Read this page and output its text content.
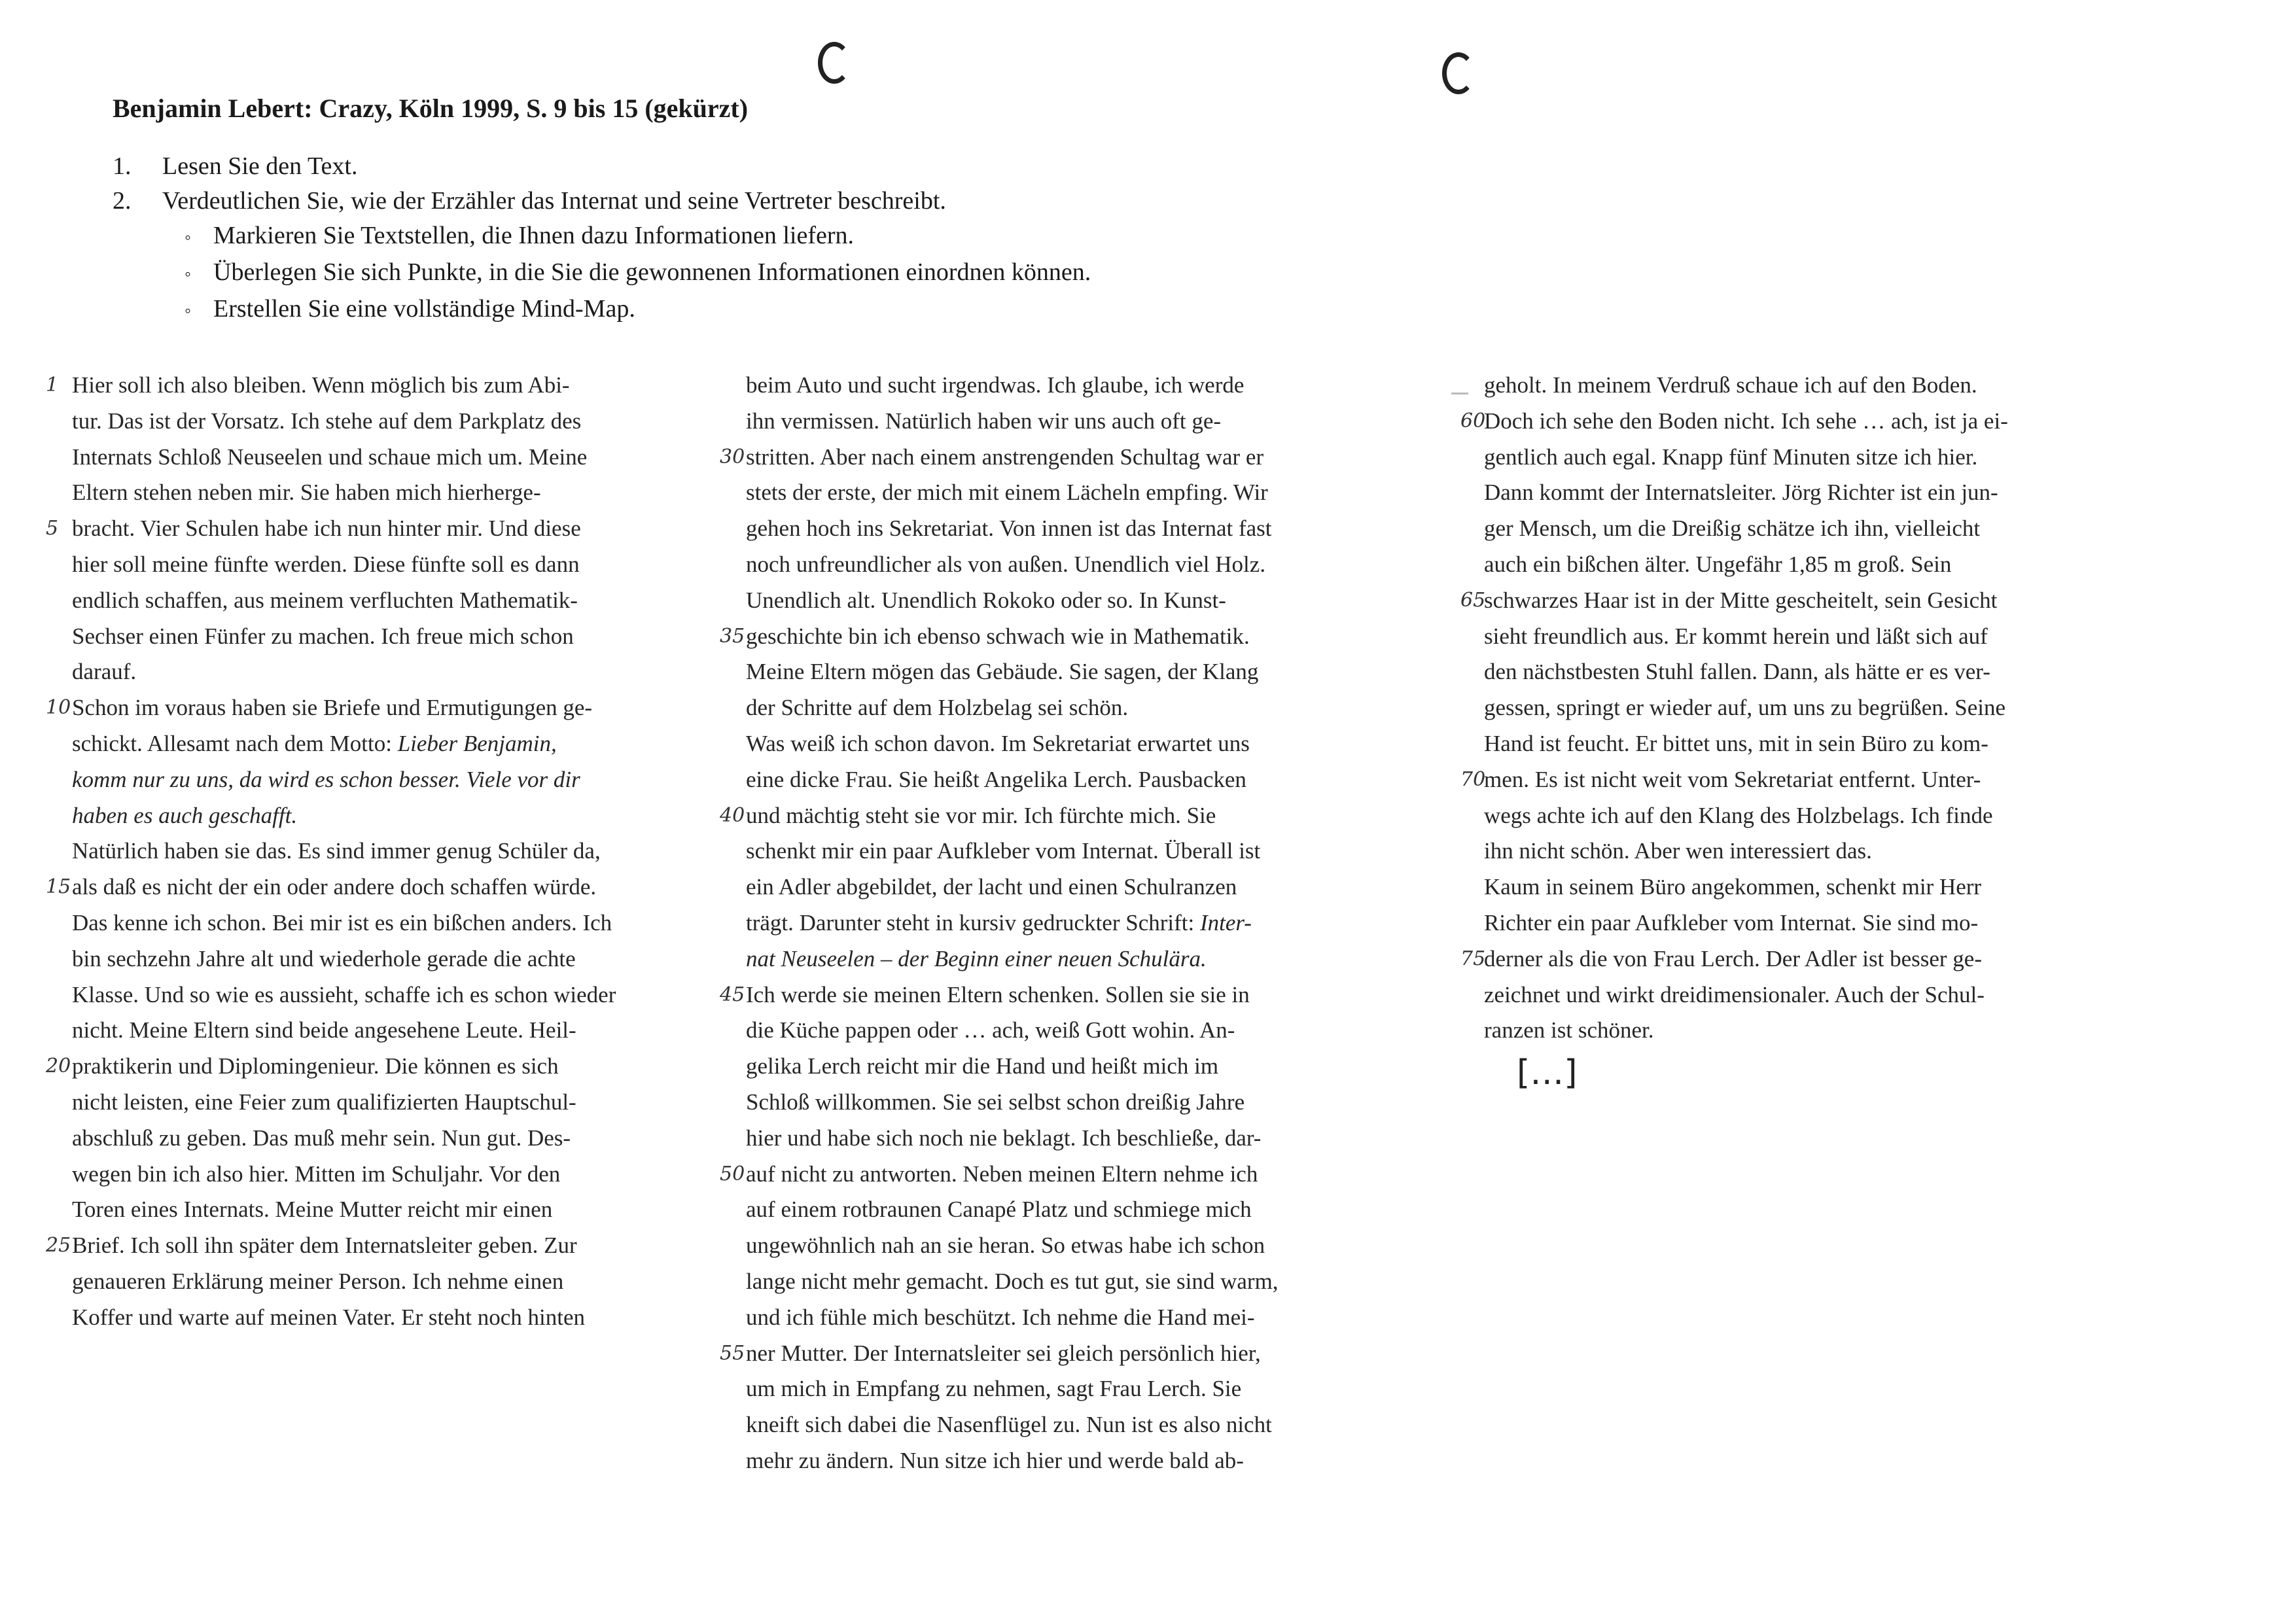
Benjamin Lebert: Crazy, Köln 1999, S. 9 bis 15 (gekürzt)
1. Lesen Sie den Text.
2. Verdeutlichen Sie, wie der Erzähler das Internat und seine Vertreter beschreibt.
◦ Markieren Sie Textstellen, die Ihnen dazu Informationen liefern.
◦ Überlegen Sie sich Punkte, in die Sie die gewonnenen Informationen einordnen können.
◦ Erstellen Sie eine vollständige Mind-Map.

1 Hier soll ich also bleiben. Wenn möglich bis zum Abi-

tur. Das ist der Vorsatz. Ich stehe auf dem Parkplatz des

Internats Schloß Neuseelen und schaue mich um. Meine

Eltern stehen neben mir. Sie haben mich hierherge-

5 bracht. Vier Schulen habe ich nun hinter mir. Und diese

hier soll meine fünfte werden. Diese fünfte soll es dann

endlich schaffen, aus meinem verfluchten Mathematik-

Sechser einen Fünfer zu machen. Ich freue mich schon

darauf.

10 Schon im voraus haben sie Briefe und Ermutigungen ge-

schickt. Allesamt nach dem Motto: Lieber Benjamin,

komm nur zu uns, da wird es schon besser. Viele vor dir

haben es auch geschafft.

Natürlich haben sie das. Es sind immer genug Schüler da,

15 als daß es nicht der ein oder andere doch schaffen würde.

Das kenne ich schon. Bei mir ist es ein bißchen anders. Ich

bin sechzehn Jahre alt und wiederhole gerade die achte

Klasse. Und so wie es aussieht, schaffe ich es schon wieder

nicht. Meine Eltern sind beide angesehene Leute. Heil-

20 praktikerin und Diplomingenieur. Die können es sich

nicht leisten, eine Feier zum qualifizierten Hauptschul-

abschluß zu geben. Das muß mehr sein. Nun gut. Des-

wegen bin ich also hier. Mitten im Schuljahr. Vor den

Toren eines Internats. Meine Mutter reicht mir einen

25 Brief. Ich soll ihn später dem Internatsleiter geben. Zur

genaueren Erklärung meiner Person. Ich nehme einen

Koffer und warte auf meinen Vater. Er steht noch hinten

beim Auto und sucht irgendwas. Ich glaube, ich werde

ihn vermissen. Natürlich haben wir uns auch oft ge-

30 stritten. Aber nach einem anstrengenden Schultag war er

stets der erste, der mich mit einem Lächeln empfing. Wir

gehen hoch ins Sekretariat. Von innen ist das Internat fast

noch unfreundlicher als von außen. Unendlich viel Holz.

Unendlich alt. Unendlich Rokoko oder so. In Kunst-

35 geschichte bin ich ebenso schwach wie in Mathematik.

Meine Eltern mögen das Gebäude. Sie sagen, der Klang

der Schritte auf dem Holzbelag sei schön.

Was weiß ich schon davon. Im Sekretariat erwartet uns

eine dicke Frau. Sie heißt Angelika Lerch. Pausbacken

40 und mächtig steht sie vor mir. Ich fürchte mich. Sie

schenkt mir ein paar Aufkleber vom Internat. Überall ist

ein Adler abgebildet, der lacht und einen Schulranzen

trägt. Darunter steht in kursiv gedruckter Schrift: Inter-

nat Neuseelen – der Beginn einer neuen Schulära.

45 Ich werde sie meinen Eltern schenken. Sollen sie sie in

die Küche pappen oder … ach, weiß Gott wohin. An-

gelika Lerch reicht mir die Hand und heißt mich im

Schloß willkommen. Sie sei selbst schon dreißig Jahre

hier und habe sich noch nie beklagt. Ich beschließe, dar-

50 auf nicht zu antworten. Neben meinen Eltern nehme ich

auf einem rotbraunen Canapé Platz und schmiege mich

ungewöhnlich nah an sie heran. So etwas habe ich schon

lange nicht mehr gemacht. Doch es tut gut, sie sind warm,

und ich fühle mich beschützt. Ich nehme die Hand mei-

55 ner Mutter. Der Internatsleiter sei gleich persönlich hier,

um mich in Empfang zu nehmen, sagt Frau Lerch. Sie

kneift sich dabei die Nasenflügel zu. Nun ist es also nicht

mehr zu ändern. Nun sitze ich hier und werde bald ab-

geholt. In meinem Verdruß schaue ich auf den Boden.

60
Doch ich sehe den Boden nicht. Ich sehe … ach, ist ja ei-

gentlich auch egal. Knapp fünf Minuten sitze ich hier.

Dann kommt der Internatsleiter. Jörg Richter ist ein jun-

ger Mensch, um die Dreißig schätze ich ihn, vielleicht

auch ein bißchen älter. Ungefähr 1,85 m groß. Sein

65
schwarzes Haar ist in der Mitte gescheitelt, sein Gesicht

sieht freundlich aus. Er kommt herein und läßt sich auf

den nächstbesten Stuhl fallen. Dann, als hätte er es ver-

gessen, springt er wieder auf, um uns zu begrüßen. Seine

Hand ist feucht. Er bittet uns, mit in sein Büro zu kom-

70
men. Es ist nicht weit vom Sekretariat entfernt. Unter-

wegs achte ich auf den Klang des Holzbelags. Ich finde

ihn nicht schön. Aber wen interessiert das.

Kaum in seinem Büro angekommen, schenkt mir Herr

Richter ein paar Aufkleber vom Internat. Sie sind mo-

75
derner als die von Frau Lerch. Der Adler ist besser ge-

zeichnet und wirkt dreidimensionaler. Auch der Schul-

ranzen ist schöner.

[…]
